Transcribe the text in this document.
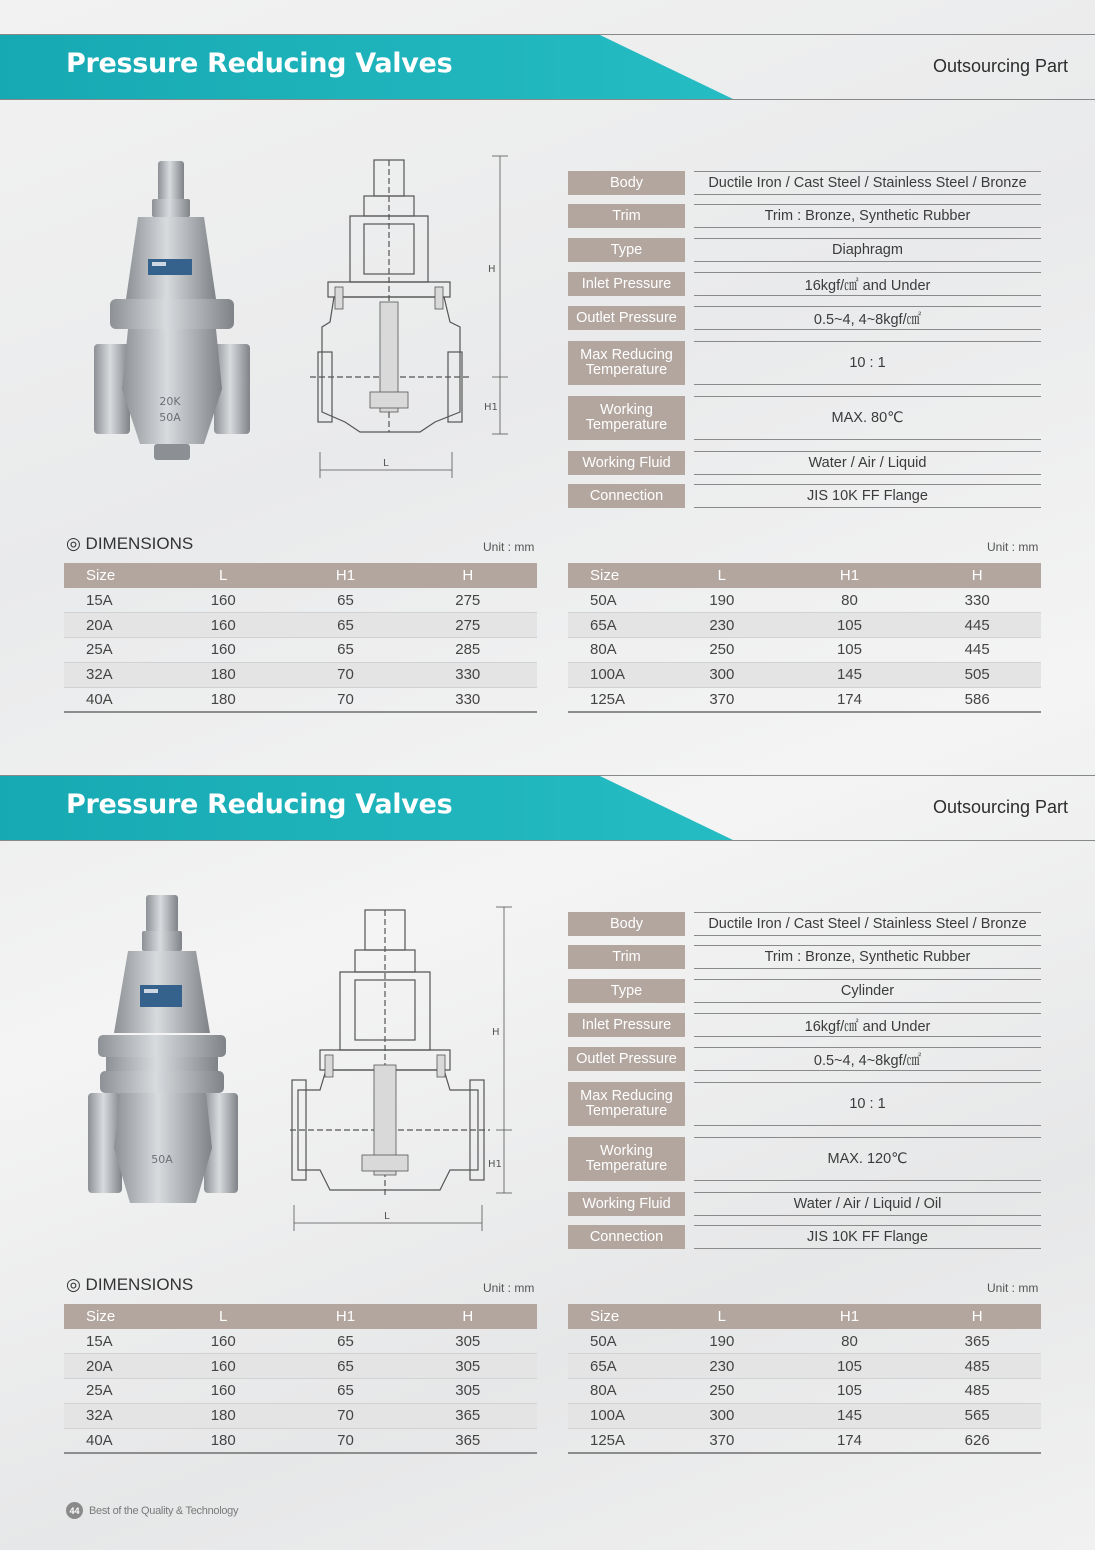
Pressure Reducing Valves	Outsourcing Part
20K
50A
H
H1
L
Body	Ductile Iron / Cast Steel / Stainless Steel / Bronze
Trim	Trim : Bronze, Synthetic Rubber
Type	Diaphragm
Inlet Pressure	16kgf/㎠ and Under
Outlet Pressure	0.5~4, 4~8kgf/㎠
Max Reducing Temperature	10 : 1
Working Temperature	MAX. 80℃
Working Fluid	Water / Air / Liquid
Connection	JIS 10K FF Flange
◎ DIMENSIONS	Unit : mm	Unit : mm
Size	L	H1	H
15A	160	65	275
20A	160	65	275
25A	160	65	285
32A	180	70	330
40A	180	70	330
Size	L	H1	H
50A	190	80	330
65A	230	105	445
80A	250	105	445
100A	300	145	505
125A	370	174	586
Pressure Reducing Valves	Outsourcing Part
50A
H
H1
L
Body	Ductile Iron / Cast Steel / Stainless Steel / Bronze
Trim	Trim : Bronze, Synthetic Rubber
Type	Cylinder
Inlet Pressure	16kgf/㎠ and Under
Outlet Pressure	0.5~4, 4~8kgf/㎠
Max Reducing Temperature	10 : 1
Working Temperature	MAX. 120℃
Working Fluid	Water / Air / Liquid / Oil
Connection	JIS 10K FF Flange
◎ DIMENSIONS	Unit : mm	Unit : mm
Size	L	H1	H
15A	160	65	305
20A	160	65	305
25A	160	65	305
32A	180	70	365
40A	180	70	365
Size	L	H1	H
50A	190	80	365
65A	230	105	485
80A	250	105	485
100A	300	145	565
125A	370	174	626
44 Best of the Quality & Technology
